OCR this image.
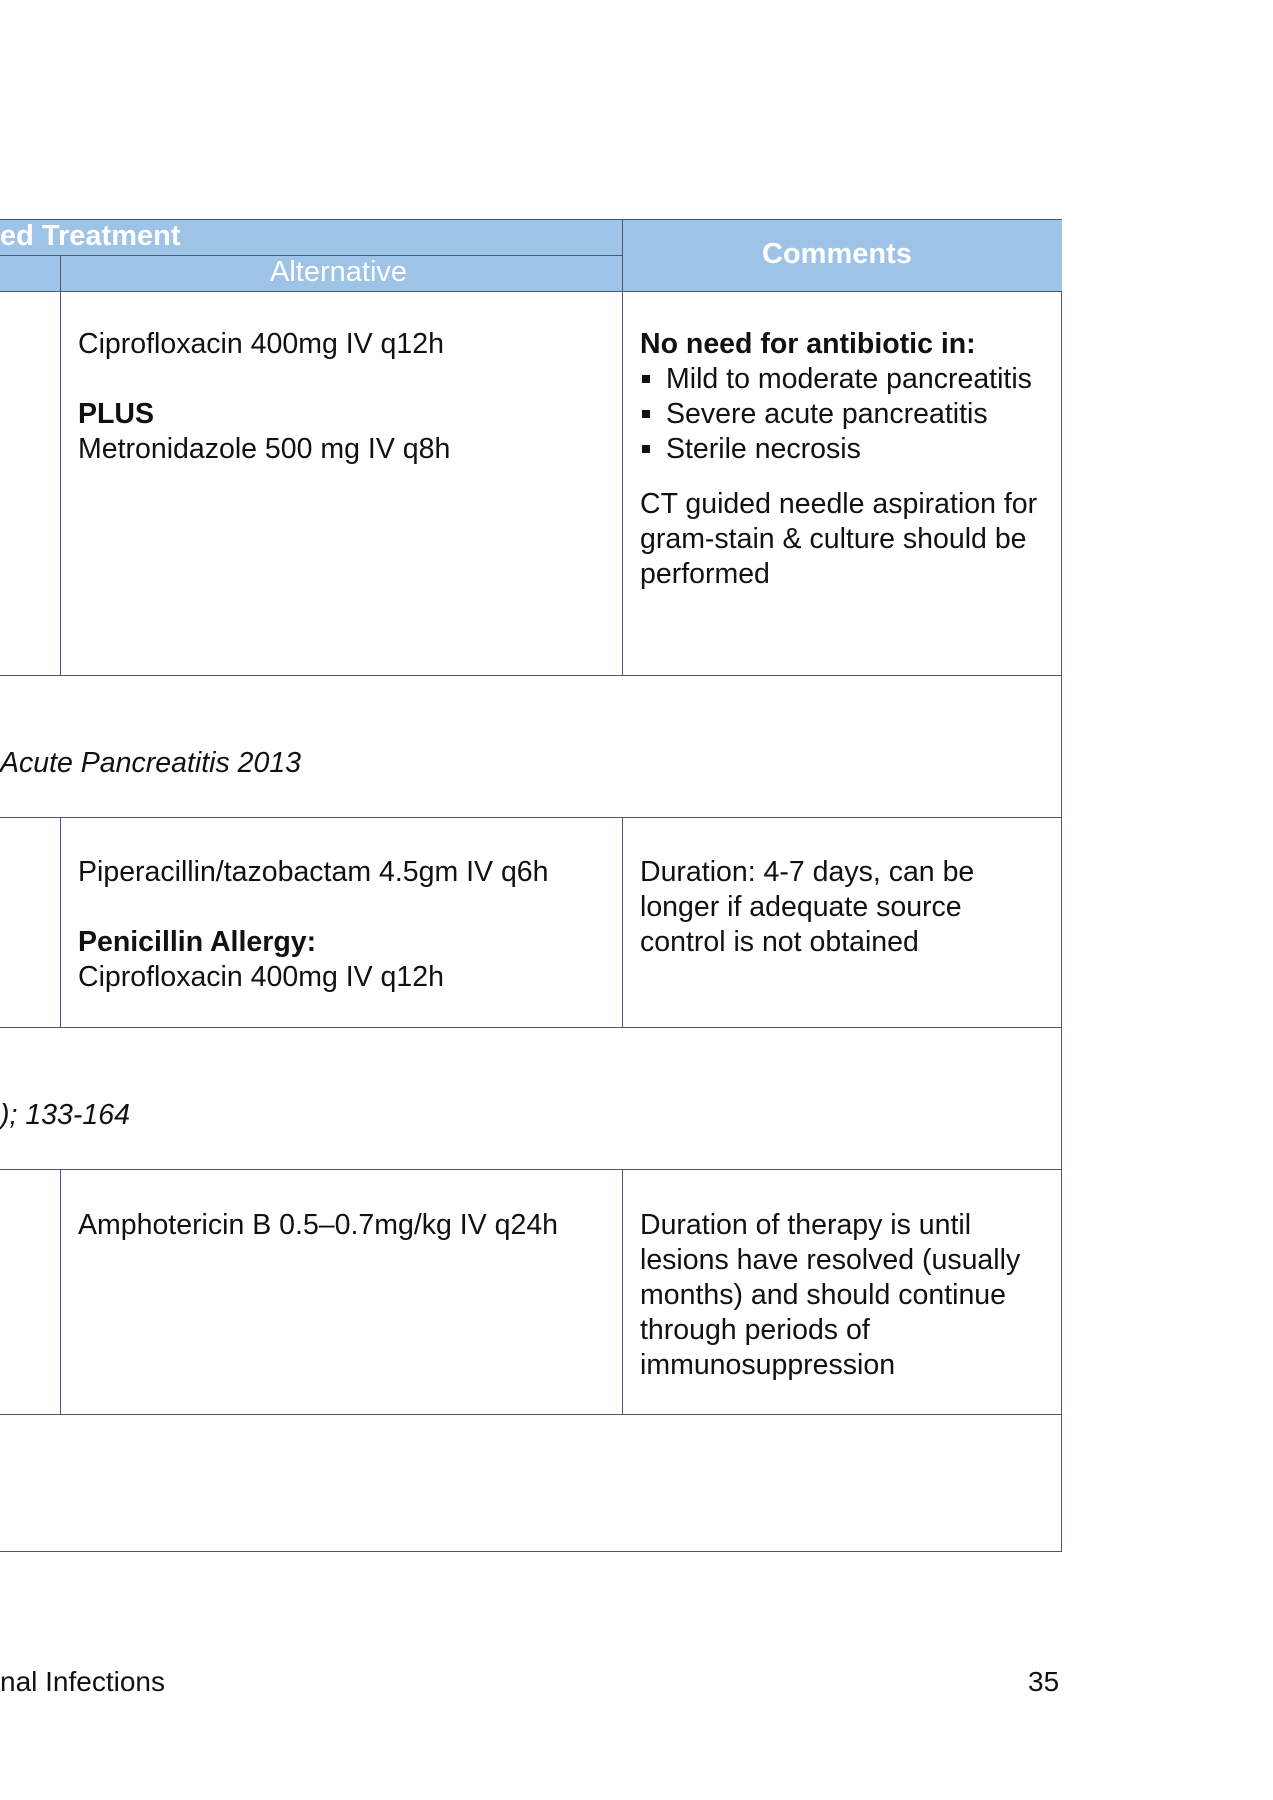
ed Treatment
Alternative
Comments

Ciprofloxacin 400mg IV q12h

PLUS

Metronidazole 500 mg IV q8h

No need for antibiotic in:

Mild to moderate pancreatitis
Severe acute pancreatitis
Sterile necrosis

CT guided needle aspiration for gram-stain & culture should be performed

Acute Pancreatitis 2013

Piperacillin/tazobactam 4.5gm IV q6h

Penicillin Allergy:

Ciprofloxacin 400mg IV q12h

Duration: 4-7 days, can be longer if adequate source control is not obtained

); 133-164

Amphotericin B 0.5–0.7mg/kg IV q24h	Duration of therapy is until lesions have resolved (usually months) and should continue through periods of immunosuppression

nal Infections	35
